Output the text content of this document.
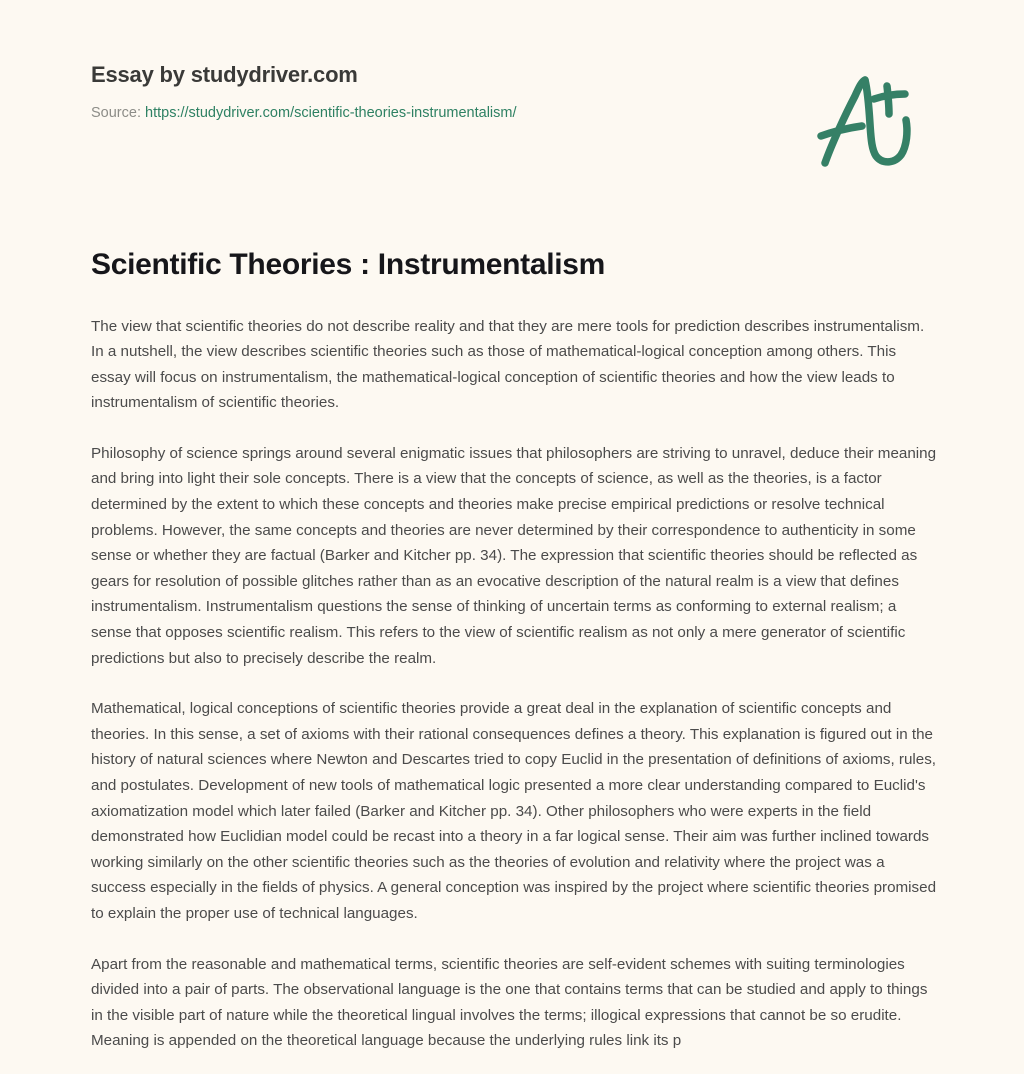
Essay by studydriver.com
Source: https://studydriver.com/scientific-theories-instrumentalism/
Scientific Theories : Instrumentalism

The view that scientific theories do not describe reality and that they are mere tools for prediction describes instrumentalism. In a nutshell, the view describes scientific theories such as those of mathematical-logical conception among others. This essay will focus on instrumentalism, the mathematical-logical conception of scientific theories and how the view leads to instrumentalism of scientific theories.

Philosophy of science springs around several enigmatic issues that philosophers are striving to unravel, deduce their meaning and bring into light their sole concepts. There is a view that the concepts of science, as well as the theories, is a factor determined by the extent to which these concepts and theories make precise empirical predictions or resolve technical problems. However, the same concepts and theories are never determined by their correspondence to authenticity in some sense or whether they are factual (Barker and Kitcher pp. 34). The expression that scientific theories should be reflected as gears for resolution of possible glitches rather than as an evocative description of the natural realm is a view that defines instrumentalism. Instrumentalism questions the sense of thinking of uncertain terms as conforming to external realism; a sense that opposes scientific realism. This refers to the view of scientific realism as not only a mere generator of scientific predictions but also to precisely describe the realm.

Mathematical, logical conceptions of scientific theories provide a great deal in the explanation of scientific concepts and theories. In this sense, a set of axioms with their rational consequences defines a theory. This explanation is figured out in the history of natural sciences where Newton and Descartes tried to copy Euclid in the presentation of definitions of axioms, rules, and postulates. Development of new tools of mathematical logic presented a more clear understanding compared to Euclid's axiomatization model which later failed (Barker and Kitcher pp. 34). Other philosophers who were experts in the field demonstrated how Euclidian model could be recast into a theory in a far logical sense. Their aim was further inclined towards working similarly on the other scientific theories such as the theories of evolution and relativity where the project was a success especially in the fields of physics. A general conception was inspired by the project where scientific theories promised to explain the proper use of technical languages.

Apart from the reasonable and mathematical terms, scientific theories are self-evident schemes with suiting terminologies divided into a pair of parts. The observational language is the one that contains terms that can be studied and apply to things in the visible part of nature while the theoretical lingual involves the terms; illogical expressions that cannot be so erudite. Meaning is appended on the theoretical language because the underlying rules link its p
